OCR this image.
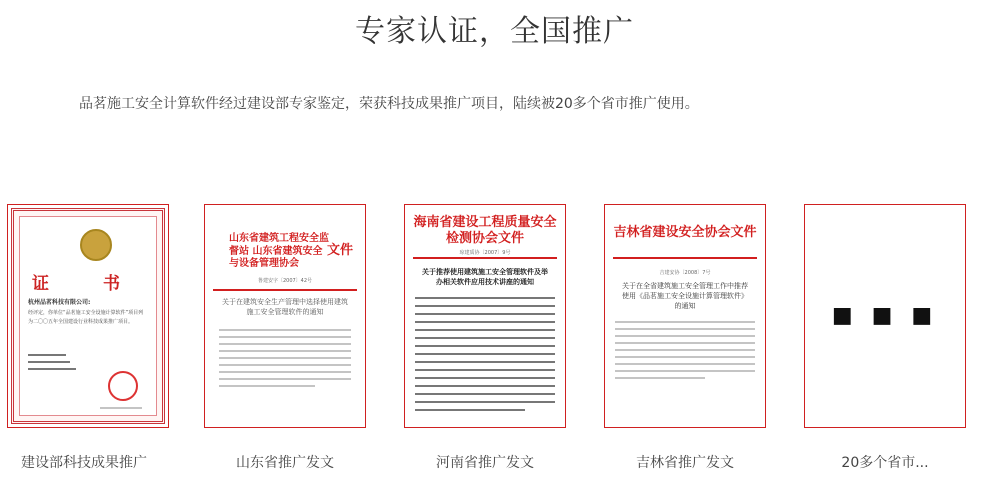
专家认证，全国推广
品茗施工安全计算软件经过建设部专家鉴定，荣获科技成果推广项目，陆续被20多个省市推广使用。
证 书
杭州品茗科技有限公司:
经评定，你单位“品茗施工安全设施计算软件”项目列为二〇〇五年全国建设行业科技成果推广项目。
建设部科技成果推广
山东省建筑工程安全监督站 山东省建筑安全与设备管理协会
文件
鲁建安字〔2007〕42号
关于在建筑安全生产管理中选择使用建筑施工安全管理软件的通知
山东省推广发文
海南省建设工程质量安全检测协会文件
琼建质协〔2007〕9号
关于推荐使用建筑施工安全管理软件及举办相关软件应用技术讲座的通知
河南省推广发文
吉林省建设安全协会文件
吉建安协〔2008〕7号
关于在全省建筑施工安全管理工作中推荐使用《品茗施工安全设施计算管理软件》的通知
吉林省推广发文
■ ■ ■
20多个省市...
